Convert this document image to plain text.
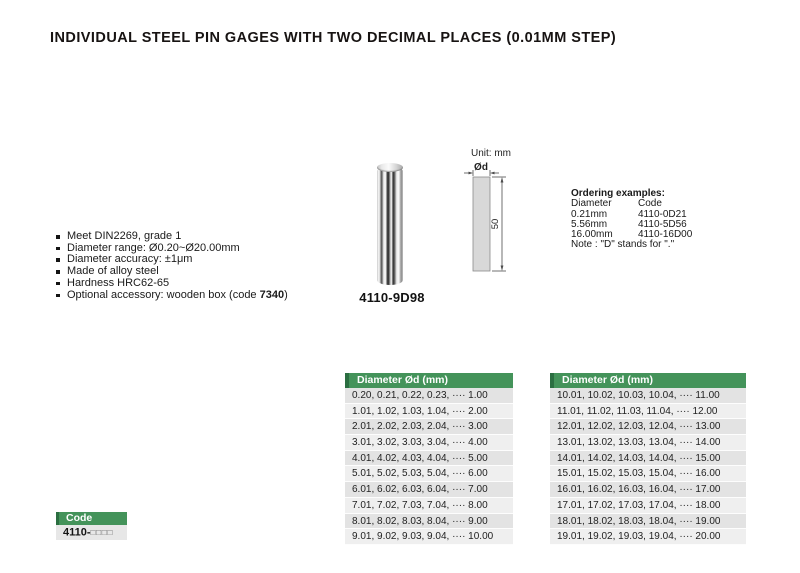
INDIVIDUAL STEEL PIN GAGES WITH TWO DECIMAL PLACES (0.01MM STEP)
Meet DIN2269, grade 1
Diameter range: Ø0.20~Ø20.00mm
Diameter accuracy: ±1μm
Made of alloy steel
Hardness HRC62-65
Optional accessory: wooden box (code 7340)	4110-9D98
Unit: mm
Ød
50
Ordering examples:
Diameter	Code
0.21mm	4110-0D21
5.56mm	4110-5D56
16.00mm	4110-16D00
Note : "D" stands for "."
Diameter Ød (mm)
0.20, 0.21, 0.22, 0.23, ···· 1.00
1.01, 1.02, 1.03, 1.04, ···· 2.00
2.01, 2.02, 2.03, 2.04, ···· 3.00
3.01, 3.02, 3.03, 3.04, ···· 4.00
4.01, 4.02, 4.03, 4.04, ···· 5.00
5.01, 5.02, 5.03, 5.04, ···· 6.00
6.01, 6.02, 6.03, 6.04, ···· 7.00
7.01, 7.02, 7.03, 7.04, ···· 8.00
8.01, 8.02, 8.03, 8.04, ···· 9.00
9.01, 9.02, 9.03, 9.04, ···· 10.00
Diameter Ød (mm)
10.01, 10.02, 10.03, 10.04, ···· 11.00
11.01, 11.02, 11.03, 11.04, ···· 12.00
12.01, 12.02, 12.03, 12.04, ···· 13.00
13.01, 13.02, 13.03, 13.04, ···· 14.00
14.01, 14.02, 14.03, 14.04, ···· 15.00
15.01, 15.02, 15.03, 15.04, ···· 16.00
16.01, 16.02, 16.03, 16.04, ···· 17.00
17.01, 17.02, 17.03, 17.04, ···· 18.00
18.01, 18.02, 18.03, 18.04, ···· 19.00
19.01, 19.02, 19.03, 19.04, ···· 20.00
Code
4110-□□□□
